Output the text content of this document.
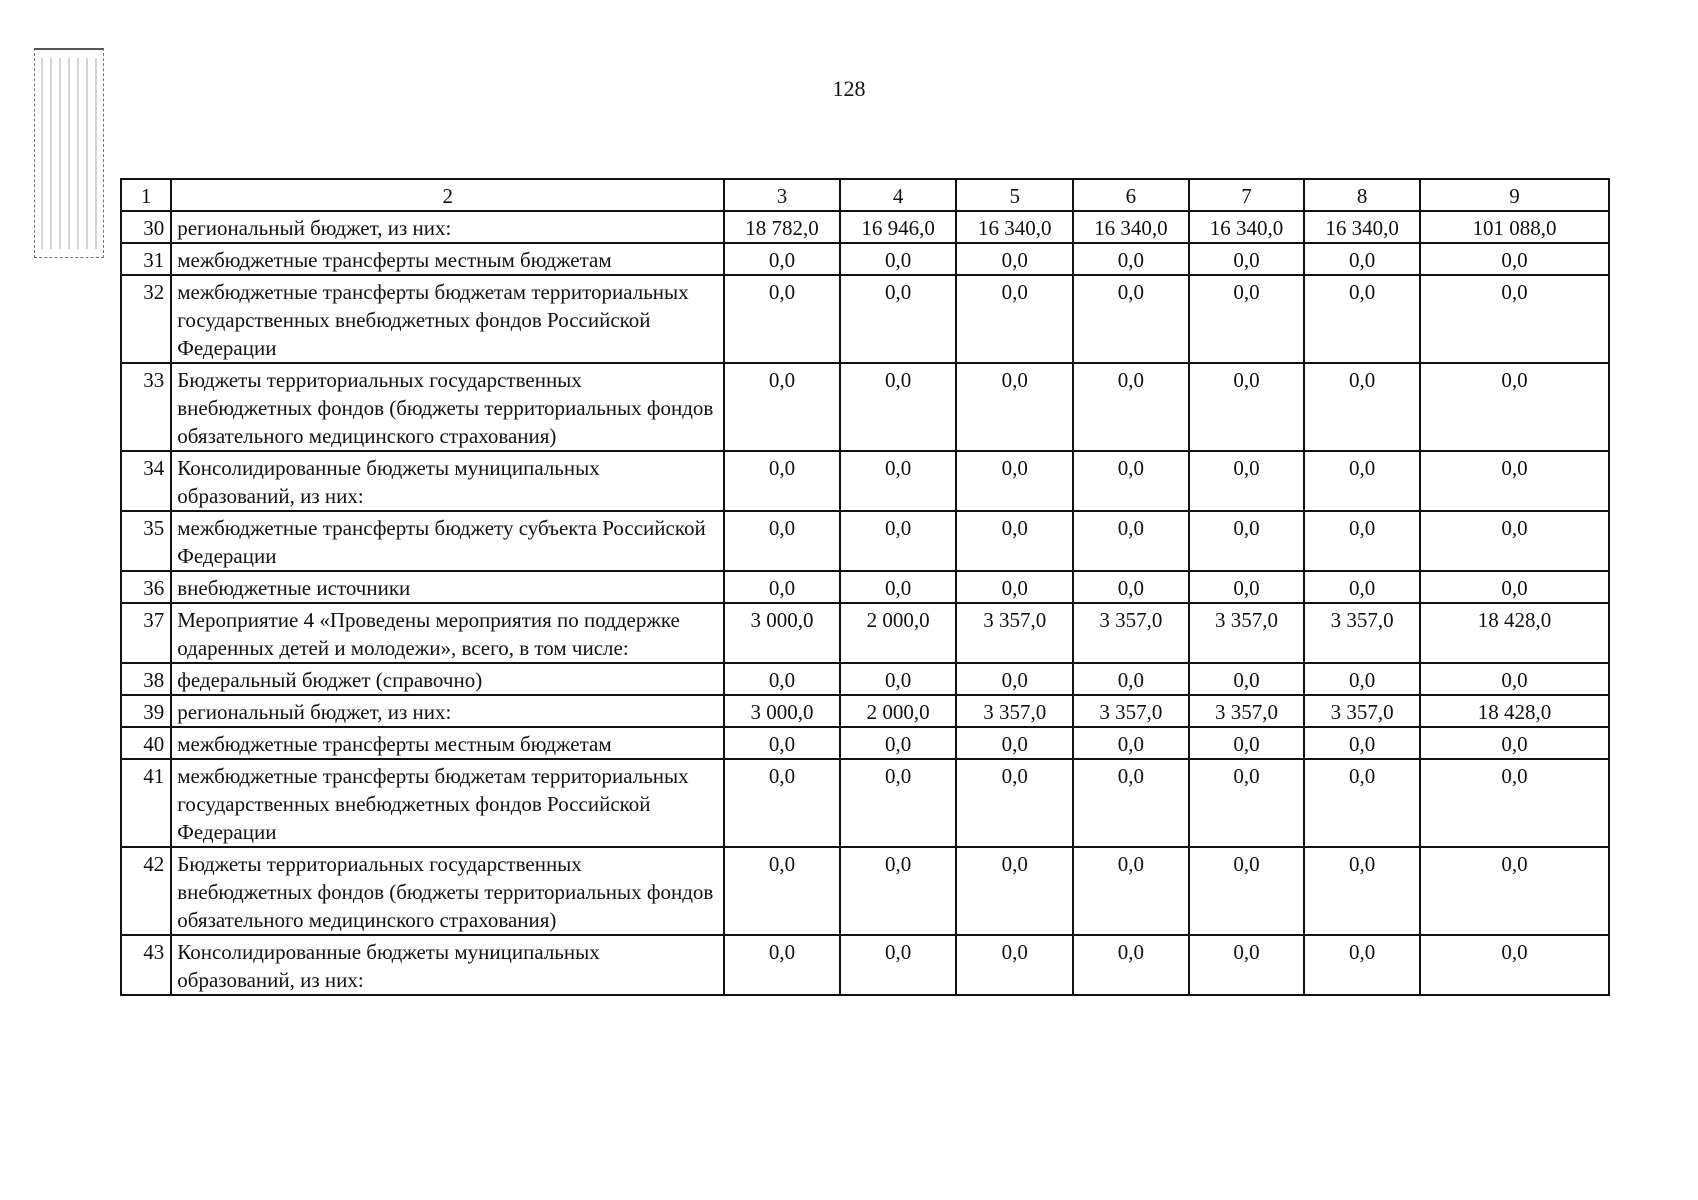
128
1	2	3	4	5	6	7	8	9
30	региональный бюджет, из них:	18 782,0	16 946,0	16 340,0	16 340,0	16 340,0	16 340,0	101 088,0
31	межбюджетные трансферты местным бюджетам	0,0	0,0	0,0	0,0	0,0	0,0	0,0
32	межбюджетные трансферты бюджетам территориальных государственных внебюджетных фондов Российской Федерации	0,0	0,0	0,0	0,0	0,0	0,0	0,0
33	Бюджеты территориальных государственных внебюджетных фондов (бюджеты территориальных фондов обязательного медицинского страхования)	0,0	0,0	0,0	0,0	0,0	0,0	0,0
34	Консолидированные бюджеты муниципальных образований, из них:	0,0	0,0	0,0	0,0	0,0	0,0	0,0
35	межбюджетные трансферты бюджету субъекта Российской Федерации	0,0	0,0	0,0	0,0	0,0	0,0	0,0
36	внебюджетные источники	0,0	0,0	0,0	0,0	0,0	0,0	0,0
37	Мероприятие 4 «Проведены мероприятия по поддержке одаренных детей и молодежи», всего, в том числе:	3 000,0	2 000,0	3 357,0	3 357,0	3 357,0	3 357,0	18 428,0
38	федеральный бюджет (справочно)	0,0	0,0	0,0	0,0	0,0	0,0	0,0
39	региональный бюджет, из них:	3 000,0	2 000,0	3 357,0	3 357,0	3 357,0	3 357,0	18 428,0
40	межбюджетные трансферты местным бюджетам	0,0	0,0	0,0	0,0	0,0	0,0	0,0
41	межбюджетные трансферты бюджетам территориальных государственных внебюджетных фондов Российской Федерации	0,0	0,0	0,0	0,0	0,0	0,0	0,0
42	Бюджеты территориальных государственных внебюджетных фондов (бюджеты территориальных фондов обязательного медицинского страхования)	0,0	0,0	0,0	0,0	0,0	0,0	0,0
43	Консолидированные бюджеты муниципальных образований, из них:	0,0	0,0	0,0	0,0	0,0	0,0	0,0
